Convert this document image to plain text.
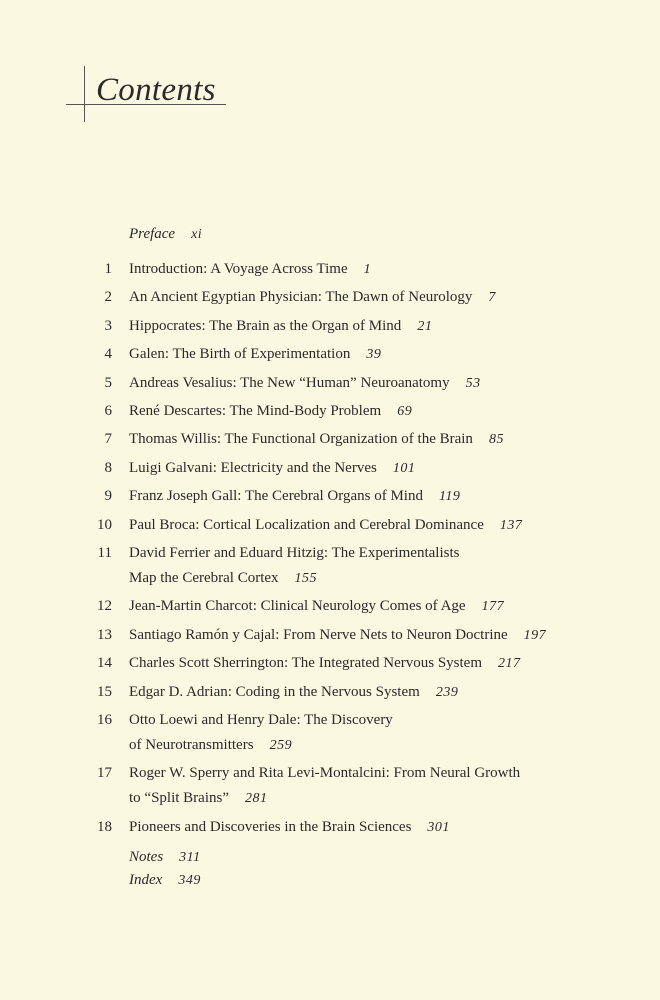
Contents
Preface xi
1 Introduction: A Voyage Across Time 1
2 An Ancient Egyptian Physician: The Dawn of Neurology 7
3 Hippocrates: The Brain as the Organ of Mind 21
4 Galen: The Birth of Experimentation 39
5 Andreas Vesalius: The New “Human” Neuroanatomy 53
6 René Descartes: The Mind-Body Problem 69
7 Thomas Willis: The Functional Organization of the Brain 85
8 Luigi Galvani: Electricity and the Nerves 101
9 Franz Joseph Gall: The Cerebral Organs of Mind 119
10 Paul Broca: Cortical Localization and Cerebral Dominance 137
11 David Ferrier and Eduard Hitzig: The Experimentalists
Map the Cerebral Cortex 155
12 Jean-Martin Charcot: Clinical Neurology Comes of Age 177
13 Santiago Ramón y Cajal: From Nerve Nets to Neuron Doctrine 197
14 Charles Scott Sherrington: The Integrated Nervous System 217
15 Edgar D. Adrian: Coding in the Nervous System 239
16 Otto Loewi and Henry Dale: The Discovery
of Neurotransmitters 259
17 Roger W. Sperry and Rita Levi-Montalcini: From Neural Growth
to “Split Brains” 281
18 Pioneers and Discoveries in the Brain Sciences 301
Notes 311
Index 349
